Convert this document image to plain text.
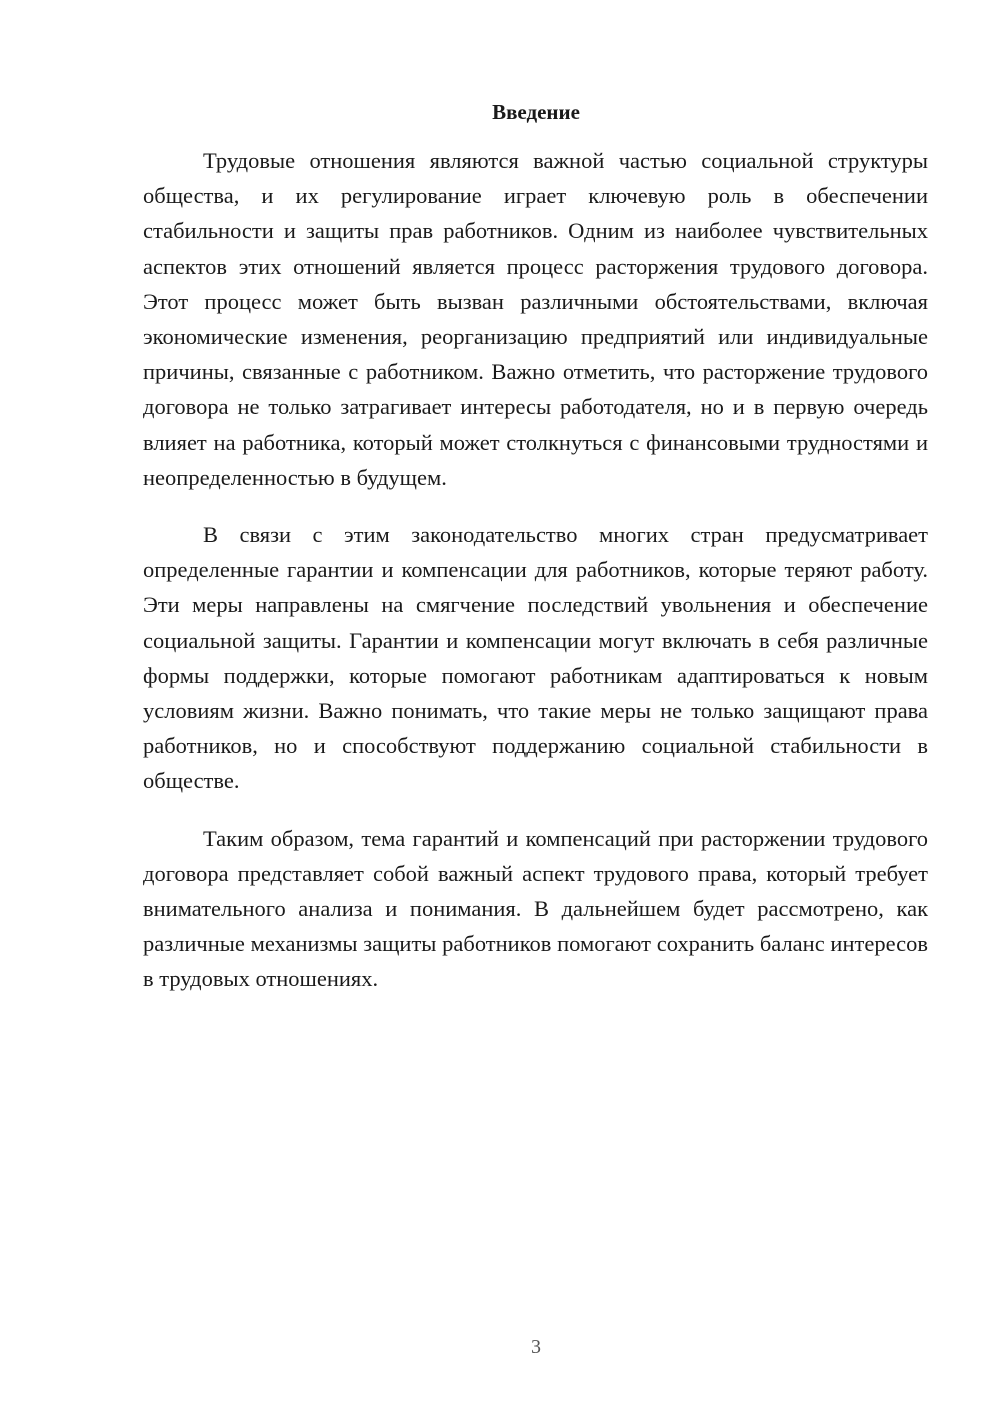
Введение

Трудовые отношения являются важной частью социальной структуры общества, и их регулирование играет ключевую роль в обеспечении стабильности и защиты прав работников. Одним из наиболее чувствительных аспектов этих отношений является процесс расторжения трудового договора. Этот процесс может быть вызван различными обстоятельствами, включая экономические изменения, реорганизацию предприятий или индивидуальные причины, связанные с работником. Важно отметить, что расторжение трудового договора не только затрагивает интересы работодателя, но и в первую очередь влияет на работника, который может столкнуться с финансовыми трудностями и неопределенностью в будущем.

В связи с этим законодательство многих стран предусматривает определенные гарантии и компенсации для работников, которые теряют работу. Эти меры направлены на смягчение последствий увольнения и обеспечение социальной защиты. Гарантии и компенсации могут включать в себя различные формы поддержки, которые помогают работникам адаптироваться к новым условиям жизни. Важно понимать, что такие меры не только защищают права работников, но и способствуют поддержанию социальной стабильности в обществе.

Таким образом, тема гарантий и компенсаций при расторжении трудового договора представляет собой важный аспект трудового права, который требует внимательного анализа и понимания. В дальнейшем будет рассмотрено, как различные механизмы защиты работников помогают сохранить баланс интересов в трудовых отношениях.

3
